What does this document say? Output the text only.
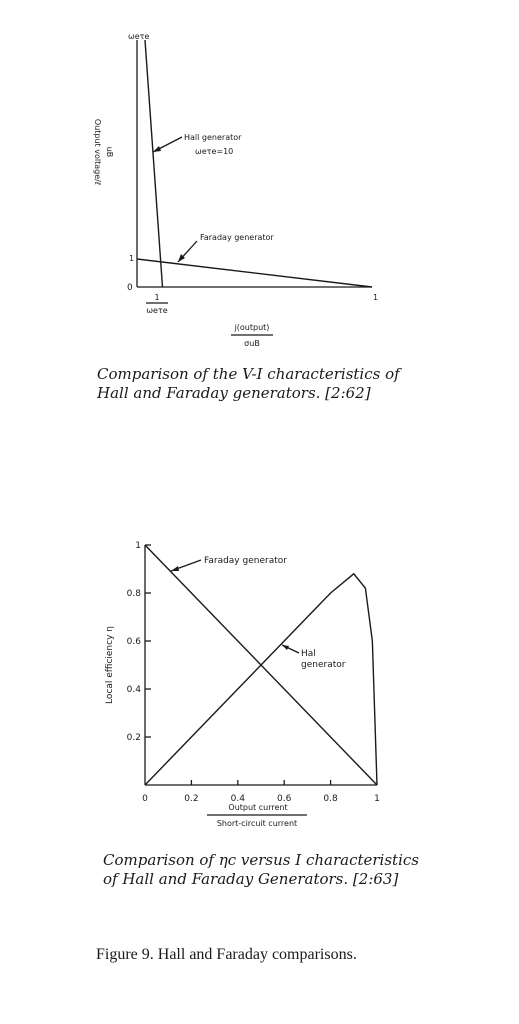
ωeτe
1
0
1
1
ωeτe
j(output)
σuB
Output voltage/ℓ uB
Hall generator
ωeτe=10
Faraday generator
0	0.2	0.4	0.6	0.8	1
0.2
0.4
0.6
0.8
1
Output current
Short-circuit current
Local efficiency η
Faraday generator
Hal
generator
Comparison of the V-I characteristics of
Hall and Faraday generators. [2:62]
Comparison of ηc versus I characteristics
of Hall and Faraday Generators. [2:63]
Figure 9. Hall and Faraday comparisons.
